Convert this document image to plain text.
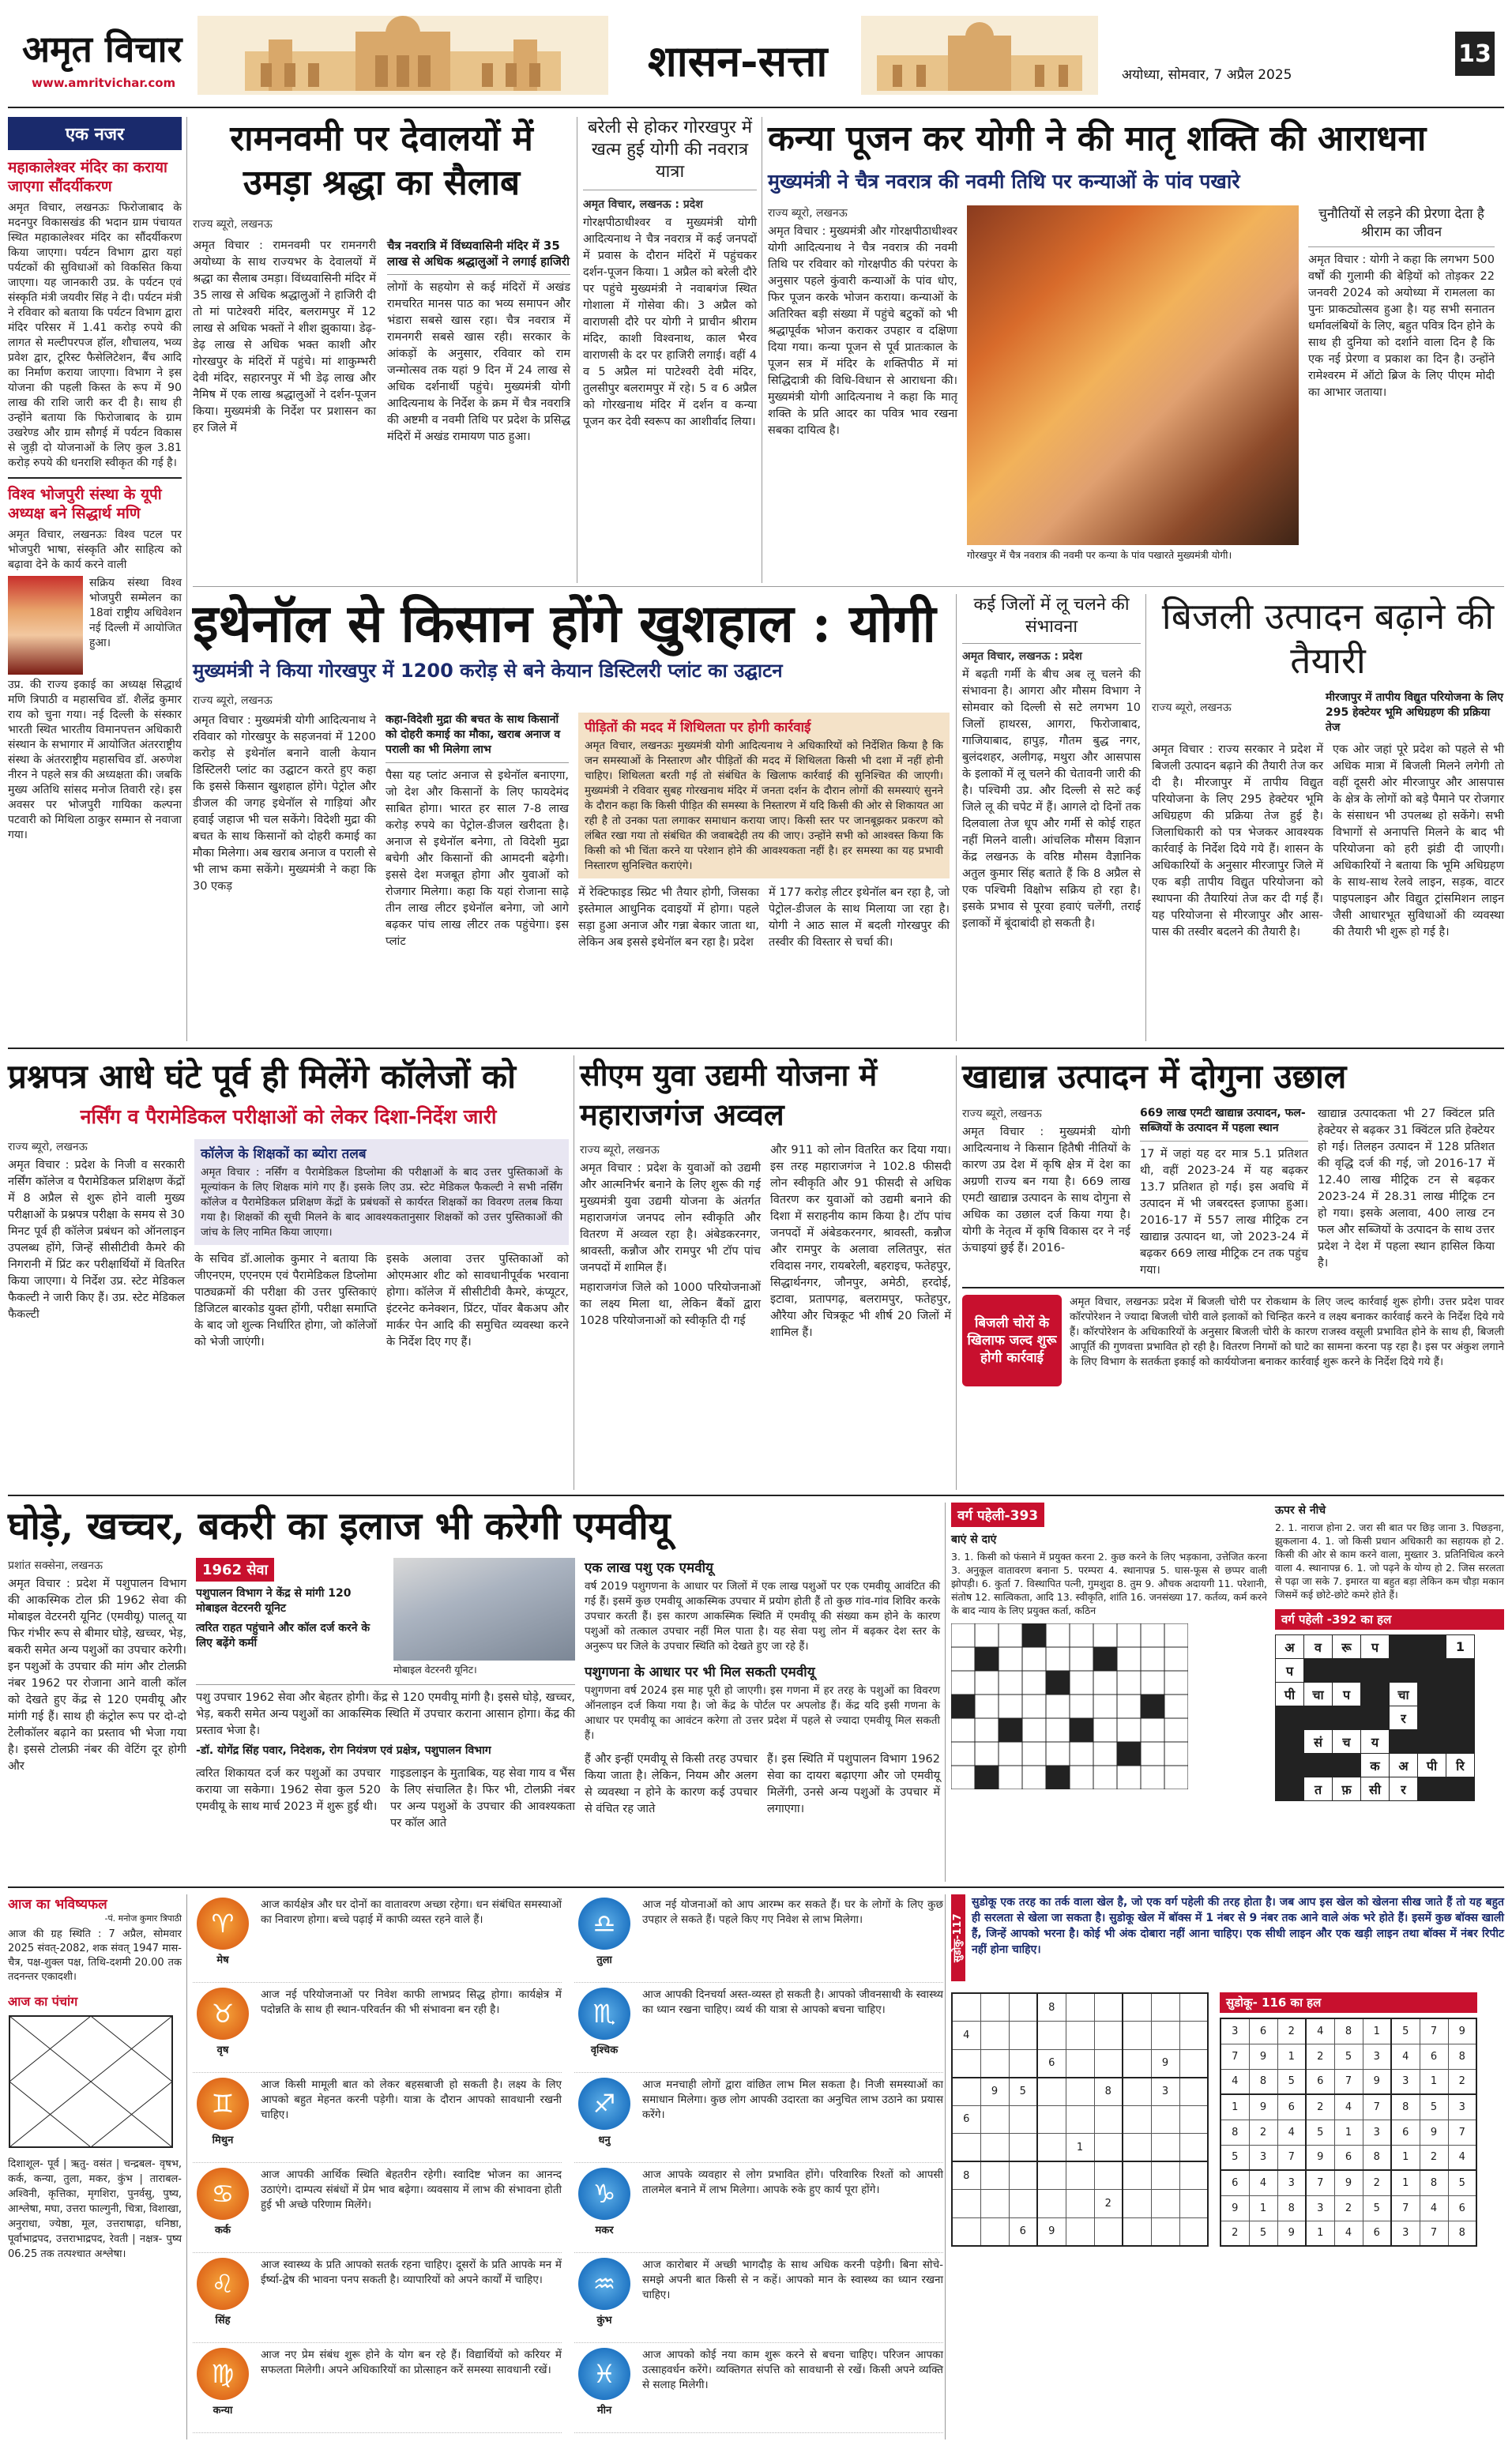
अमृत विचार
www.amritvichar.com	शासन-सत्ता	अयोध्या, सोमवार, 7 अप्रैल 2025
13
एक नजर
महाकालेश्वर मंदिर का कराया जाएगा सौंदर्यीकरण
अमृत विचार, लखनऊः फिरोजाबाद के मदनपुर विकासखंड की भदान ग्राम पंचायत स्थित महाकालेश्वर मंदिर का सौंदर्यीकरण किया जाएगा। पर्यटन विभाग द्वारा यहां पर्यटकों की सुविधाओं को विकसित किया जाएगा। यह जानकारी उप्र. के पर्यटन एवं संस्कृति मंत्री जयवीर सिंह ने दी। पर्यटन मंत्री ने रविवार को बताया कि पर्यटन विभाग द्वारा मंदिर परिसर में 1.41 करोड़ रुपये की लागत से मल्टीपरपज हॉल, शौचालय, भव्य प्रवेश द्वार, टूरिस्ट फैसेलिटेशन, बैंच आदि का निर्माण कराया जाएगा। विभाग ने इस योजना की पहली किस्त के रूप में 90 लाख की राशि जारी कर दी है। साथ ही उन्होंने बताया कि फिरोजाबाद के ग्राम उखरेण्ड और ग्राम सौगई में पर्यटन विकास से जुड़ी दो योजनाओं के लिए कुल 3.81 करोड़ रुपये की धनराशि स्वीकृत की गई है।
विश्व भोजपुरी संस्था के यूपी अध्यक्ष बने सिद्धार्थ मणि
अमृत विचार, लखनऊः विश्व पटल पर भोजपुरी भाषा, संस्कृति और साहित्य को बढ़ावा देने के कार्य करने वाली
सक्रिय संस्था विश्व भोजपुरी सम्मेलन का 18वां राष्ट्रीय अधिवेशन नई दिल्ली में आयोजित हुआ।
उप्र. की राज्य इकाई का अध्यक्ष सिद्धार्थ मणि त्रिपाठी व महासचिव डॉ. शैलेंद्र कुमार राय को चुना गया। नई दिल्ली के संस्कार भारती स्थित भारतीय विमानपत्तन अधिकारी संस्थान के सभागार में आयोजित अंतरराष्ट्रीय संस्था के अंतरराष्ट्रीय महासचिव डॉ. अरुणेश नीरन ने पहले सत्र की अध्यक्षता की। जबकि मुख्य अतिथि सांसद मनोज तिवारी रहे। इस अवसर पर भोजपुरी गायिका कल्पना पटवारी को मिथिला ठाकुर सम्मान से नवाजा गया।
रामनवमी पर देवालयों में उमड़ा श्रद्धा का सैलाब
राज्य ब्यूरो, लखनऊ
अमृत विचार : रामनवमी पर रामनगरी अयोध्या के साथ राज्यभर के देवालयों में श्रद्धा का सैलाब उमड़ा। विंध्यवासिनी मंदिर में 35 लाख से अधिक श्रद्धालुओं ने हाजिरी दी तो मां पाटेश्वरी मंदिर, बलरामपुर में 12 लाख से अधिक भक्तों ने शीश झुकाया। डेढ़-डेढ़ लाख से अधिक भक्त काशी और गोरखपुर के मंदिरों में पहुंचे। मां शाकुम्भरी देवी मंदिर, सहारनपुर में भी डेढ़ लाख और नैमिष में एक लाख श्रद्धालुओं ने दर्शन-पूजन किया। मुख्यमंत्री के निर्देश पर प्रशासन का हर जिले में
चैत्र नवरात्रि में विंध्यवासिनी मंदिर में 35 लाख से अधिक श्रद्धालुओं ने लगाई हाजिरी
लोगों के सहयोग से कई मंदिरों में अखंड रामचरित मानस पाठ का भव्य समापन और भंडारा सबसे खास रहा। चैत्र नवरात्र में रामनगरी सबसे खास रही। सरकार के आंकड़ों के अनुसार, रविवार को राम जन्मोत्सव तक यहां 9 दिन में 24 लाख से अधिक दर्शनार्थी पहुंचे। मुख्यमंत्री योगी आदित्यनाथ के निर्देश के क्रम में चैत्र नवरात्रि की अष्टमी व नवमी तिथि पर प्रदेश के प्रसिद्ध मंदिरों में अखंड रामायण पाठ हुआ।
बरेली से होकर गोरखपुर में खत्म हुई योगी की नवरात्र यात्रा
अमृत विचार, लखनऊ : प्रदेश
गोरक्षपीठाधीश्वर व मुख्यमंत्री योगी आदित्यनाथ ने चैत्र नवरात्र में कई जनपदों में प्रवास के दौरान मंदिरों में पहुंचकर दर्शन-पूजन किया। 1 अप्रैल को बरेली दौरे पर पहुंचे मुख्यमंत्री ने नवाबगंज स्थित गोशाला में गोसेवा की। 3 अप्रैल को वाराणसी दौरे पर योगी ने प्राचीन श्रीराम मंदिर, काशी विश्वनाथ, काल भैरव वाराणसी के दर पर हाजिरी लगाई। वहीं 4 व 5 अप्रैल मां पाटेश्वरी देवी मंदिर, तुलसीपुर बलरामपुर में रहे। 5 व 6 अप्रैल को गोरखनाथ मंदिर में दर्शन व कन्या पूजन कर देवी स्वरूप का आशीर्वाद लिया।
कन्या पूजन कर योगी ने की मातृ शक्ति की आराधना
मुख्यमंत्री ने चैत्र नवरात्र की नवमी तिथि पर कन्याओं के पांव पखारे
राज्य ब्यूरो, लखनऊ
अमृत विचार : मुख्यमंत्री और गोरक्षपीठाधीश्वर योगी आदित्यनाथ ने चैत्र नवरात्र की नवमी तिथि पर रविवार को गोरक्षपीठ की परंपरा के अनुसार पहले कुंवारी कन्याओं के पांव धोए, फिर पूजन करके भोजन कराया। कन्याओं के अतिरिक्त बड़ी संख्या में पहुंचे बटुकों को भी श्रद्धापूर्वक भोजन कराकर उपहार व दक्षिणा दिया गया। कन्या पूजन से पूर्व प्रातःकाल के पूजन सत्र में मंदिर के शक्तिपीठ में मां सिद्धिदात्री की विधि-विधान से आराधना की। मुख्यमंत्री योगी आदित्यनाथ ने कहा कि मातृ शक्ति के प्रति आदर का पवित्र भाव रखना सबका दायित्व है।
गोरखपुर में चैत्र नवरात्र की नवमी पर कन्या के पांव पखारते मुख्यमंत्री योगी।
चुनौतियों से लड़ने की प्रेरणा देता है श्रीराम का जीवन
अमृत विचार : योगी ने कहा कि लगभग 500 वर्षों की गुलामी की बेड़ियों को तोड़कर 22 जनवरी 2024 को अयोध्या में रामलला का पुनः प्राकट्योत्सव हुआ है। यह सभी सनातन धर्मावलंबियों के लिए, बहुत पवित्र दिन होने के साथ ही दुनिया को दर्शाने वाला दिन है कि एक नई प्रेरणा व प्रकाश का दिन है। उन्होंने रामेश्वरम में ऑटो ब्रिज के लिए पीएम मोदी का आभार जताया।
इथेनॉल से किसान होंगे खुशहाल : योगी
मुख्यमंत्री ने किया गोरखपुर में 1200 करोड़ से बने केयान डिस्टिलरी प्लांट का उद्घाटन
राज्य ब्यूरो, लखनऊ
अमृत विचार : मुख्यमंत्री योगी आदित्यनाथ ने रविवार को गोरखपुर के सहजनवां में 1200 करोड़ से इथेनॉल बनाने वाली केयान डिस्टिलरी प्लांट का उद्घाटन करते हुए कहा कि इससे किसान खुशहाल होंगे। पेट्रोल और डीजल की जगह इथेनॉल से गाड़ियां और हवाई जहाज भी चल सकेंगे। विदेशी मुद्रा की बचत के साथ किसानों को दोहरी कमाई का मौका मिलेगा। अब खराब अनाज व पराली से भी लाभ कमा सकेंगे। मुख्यमंत्री ने कहा कि 30 एकड़
कहा-विदेशी मुद्रा की बचत के साथ किसानों को दोहरी कमाई का मौका, खराब अनाज व पराली का भी मिलेगा लाभ
पैसा यह प्लांट अनाज से इथेनॉल बनाएगा, जो देश और किसानों के लिए फायदेमंद साबित होगा। भारत हर साल 7-8 लाख करोड़ रुपये का पेट्रोल-डीजल खरीदता है। अनाज से इथेनॉल बनेगा, तो विदेशी मुद्रा बचेगी और किसानों की आमदनी बढ़ेगी। इससे देश मजबूत होगा और युवाओं को रोजगार मिलेगा। कहा कि यहां रोजाना साढ़े तीन लाख लीटर इथेनॉल बनेगा, जो आगे बढ़कर पांच लाख लीटर तक पहुंचेगा। इस प्लांट
पीड़ितों की मदद में शिथिलता पर होगी कार्रवाई
अमृत विचार, लखनऊः मुख्यमंत्री योगी आदित्यनाथ ने अधिकारियों को निर्देशित किया है कि जन समस्याओं के निस्तारण और पीड़ितों की मदद में शिथिलता किसी भी दशा में नहीं होनी चाहिए। शिथिलता बरती गई तो संबंधित के खिलाफ कार्रवाई की सुनिश्चित की जाएगी। मुख्यमंत्री ने रविवार सुबह गोरखनाथ मंदिर में जनता दर्शन के दौरान लोगों की समस्याएं सुनने के दौरान कहा कि किसी पीड़ित की समस्या के निस्तारण में यदि किसी की ओर से शिकायत आ रही है तो उनका पता लगाकर समाधान कराया जाए। किसी स्तर पर जानबूझकर प्रकरण को लंबित रखा गया तो संबंधित की जवाबदेही तय की जाए। उन्होंने सभी को आश्वस्त किया कि किसी को भी चिंता करने या परेशान होने की आवश्यकता नहीं है। हर समस्या का यह प्रभावी निस्तारण सुनिश्चित कराएंगे।
में रेक्टिफाइड स्प्रिट भी तैयार होगी, जिसका इस्तेमाल आधुनिक दवाइयों में होगा। पहले सड़ा हुआ अनाज और गन्ना बेकार जाता था, लेकिन अब इससे इथेनॉल बन रहा है। प्रदेश
में 177 करोड़ लीटर इथेनॉल बन रहा है, जो पेट्रोल-डीजल के साथ मिलाया जा रहा है। योगी ने आठ साल में बदली गोरखपुर की तस्वीर की विस्तार से चर्चा की।
कई जिलों में लू चलने की संभावना
अमृत विचार, लखनऊ : प्रदेश
में बढ़ती गर्मी के बीच अब लू चलने की संभावना है। आगरा और मौसम विभाग ने सोमवार को दिल्ली से सटे लगभग 10 जिलों हाथरस, आगरा, फिरोजाबाद, गाजियाबाद, हापुड़, गौतम बुद्ध नगर, बुलंदशहर, अलीगढ़, मथुरा और आसपास के इलाकों में लू चलने की चेतावनी जारी की है। पश्चिमी उप्र. और दिल्ली से सटे कई जिले लू की चपेट में हैं। आगले दो दिनों तक दिलवाला तेज धूप और गर्मी से कोई राहत नहीं मिलने वाली। आंचलिक मौसम विज्ञान केंद्र लखनऊ के वरिष्ठ मौसम वैज्ञानिक अतुल कुमार सिंह बताते हैं कि 8 अप्रैल से एक पश्चिमी विक्षोभ सक्रिय हो रहा है। इसके प्रभाव से पूरवा हवाएं चलेंगी, तराई इलाकों में बूंदाबांदी हो सकती है।
बिजली उत्पादन बढ़ाने की तैयारी
राज्य ब्यूरो, लखनऊ
मीरजापुर में तापीय विद्युत परियोजना के लिए 295 हेक्टेयर भूमि अधिग्रहण की प्रक्रिया तेज
अमृत विचार : राज्य सरकार ने प्रदेश में बिजली उत्पादन बढ़ाने की तैयारी तेज कर दी है। मीरजापुर में तापीय विद्युत परियोजना के लिए 295 हेक्टेयर भूमि अधिग्रहण की प्रक्रिया तेज हुई है। जिलाधिकारी को पत्र भेजकर आवश्यक कार्रवाई के निर्देश दिये गये हैं। शासन के अधिकारियों के अनुसार मीरजापुर जिले में एक बड़ी तापीय विद्युत परियोजना को स्थापना की तैयारियां तेज कर दी गई हैं। यह परियोजना से मीरजापुर और आस-पास की तस्वीर बदलने की तैयारी है।
एक ओर जहां पूरे प्रदेश को पहले से भी अधिक मात्रा में बिजली मिलने लगेगी तो वहीं दूसरी ओर मीरजापुर और आसपास के क्षेत्र के लोगों को बड़े पैमाने पर रोजगार के संसाधन भी उपलब्ध हो सकेंगे। सभी विभागों से अनापत्ति मिलने के बाद भी परियोजना को हरी झंडी दी जाएगी। अधिकारियों ने बताया कि भूमि अधिग्रहण के साथ-साथ रेलवे लाइन, सड़क, वाटर पाइपलाइन और विद्युत ट्रांसमिशन लाइन जैसी आधारभूत सुविधाओं की व्यवस्था की तैयारी भी शुरू हो गई है।
प्रश्नपत्र आधे घंटे पूर्व ही मिलेंगे कॉलेजों को
नर्सिंग व पैरामेडिकल परीक्षाओं को लेकर दिशा-निर्देश जारी
राज्य ब्यूरो, लखनऊ
अमृत विचार : प्रदेश के निजी व सरकारी नर्सिंग कॉलेज व पैरामेडिकल प्रशिक्षण केंद्रों में 8 अप्रैल से शुरू होने वाली मुख्य परीक्षाओं के प्रश्नपत्र परीक्षा के समय से 30 मिनट पूर्व ही कॉलेज प्रबंधन को ऑनलाइन उपलब्ध होंगे, जिन्हें सीसीटीवी कैमरे की निगरानी में प्रिंट कर परीक्षार्थियों में वितरित किया जाएगा। ये निर्देश उप्र. स्टेट मेडिकल फैकल्टी ने जारी किए हैं। उप्र. स्टेट मेडिकल फैकल्टी
कॉलेज के शिक्षकों का ब्योरा तलब
अमृत विचार : नर्सिंग व पैरामेडिकल डिप्लोमा की परीक्षाओं के बाद उत्तर पुस्तिकाओं के मूल्यांकन के लिए शिक्षक मांगे गए हैं। इसके लिए उप्र. स्टेट मेडिकल फैकल्टी ने सभी नर्सिंग कॉलेज व पैरामेडिकल प्रशिक्षण केंद्रों के प्रबंधकों से कार्यरत शिक्षकों का विवरण तलब किया गया है। शिक्षकों की सूची मिलने के बाद आवश्यकतानुसार शिक्षकों को उत्तर पुस्तिकाओं की जांच के लिए नामित किया जाएगा।
के सचिव डॉ.आलोक कुमार ने बताया कि जीएनएम, एएनएम एवं पैरामेडिकल डिप्लोमा पाठ्यक्रमों की परीक्षा की उत्तर पुस्तिकाएं डिजिटल बारकोड युक्त होंगी, परीक्षा समाप्ति के बाद जो शुल्क निर्धारित होगा, जो कॉलेजों को भेजी जाएंगी।
इसके अलावा उत्तर पुस्तिकाओं को ओएमआर शीट को सावधानीपूर्वक भरवाना होगा। कॉलेज में सीसीटीवी कैमरे, कंप्यूटर, इंटरनेट कनेक्शन, प्रिंटर, पॉवर बैकअप और मार्कर पेन आदि की समुचित व्यवस्था करने के निर्देश दिए गए हैं।
सीएम युवा उद्यमी योजना में महाराजगंज अव्वल
राज्य ब्यूरो, लखनऊ
अमृत विचार : प्रदेश के युवाओं को उद्यमी और आत्मनिर्भर बनाने के लिए शुरू की गई मुख्यमंत्री युवा उद्यमी योजना के अंतर्गत महाराजगंज जनपद लोन स्वीकृति और वितरण में अव्वल रहा है। अंबेडकरनगर, श्रावस्ती, कन्नौज और रामपुर भी टॉप पांच जनपदों में शामिल हैं।
महाराजगंज जिले को 1000 परियोजनाओं का लक्ष्य मिला था, लेकिन बैंकों द्वारा 1028 परियोजनाओं को स्वीकृति दी गई
और 911 को लोन वितरित कर दिया गया। इस तरह महाराजगंज ने 102.8 फीसदी लोन स्वीकृति और 91 फीसदी से अधिक वितरण कर युवाओं को उद्यमी बनाने की दिशा में सराहनीय काम किया है। टॉप पांच जनपदों में अंबेडकरनगर, श्रावस्ती, कन्नौज और रामपुर के अलावा ललितपुर, संत रविदास नगर, रायबरेली, बहराइच, फतेहपुर, सिद्धार्थनगर, जौनपुर, अमेठी, हरदोई, इटावा, प्रतापगढ़, बलरामपुर, फतेहपुर, औरैया और चित्रकूट भी शीर्ष 20 जिलों में शामिल हैं।
खाद्यान्न उत्पादन में दोगुना उछाल
राज्य ब्यूरो, लखनऊ
अमृत विचार : मुख्यमंत्री योगी आदित्यनाथ ने किसान हितैषी नीतियों के कारण उप्र देश में कृषि क्षेत्र में देश का अग्रणी राज्य बन गया है। 669 लाख एमटी खाद्यान्न उत्पादन के साथ दोगुना से अधिक का उछाल दर्ज किया गया है। योगी के नेतृत्व में कृषि विकास दर ने नई ऊंचाइयां छुई हैं। 2016-
669 लाख एमटी खाद्यान्न उत्पादन, फल-सब्जियों के उत्पादन में पहला स्थान
17 में जहां यह दर मात्र 5.1 प्रतिशत थी, वहीं 2023-24 में यह बढ़कर 13.7 प्रतिशत हो गई। इस अवधि में उत्पादन में भी जबरदस्त इजाफा हुआ। 2016-17 में 557 लाख मीट्रिक टन खाद्यान्न उत्पादन था, जो 2023-24 में बढ़कर 669 लाख मीट्रिक टन तक पहुंच गया।
खाद्यान्न उत्पादकता भी 27 क्विंटल प्रति हेक्टेयर से बढ़कर 31 क्विंटल प्रति हेक्टेयर हो गई। तिलहन उत्पादन में 128 प्रतिशत की वृद्धि दर्ज की गई, जो 2016-17 में 12.40 लाख मीट्रिक टन से बढ़कर 2023-24 में 28.31 लाख मीट्रिक टन हो गया। इसके अलावा, 400 लाख टन फल और सब्जियों के उत्पादन के साथ उत्तर प्रदेश ने देश में पहला स्थान हासिल किया है।
बिजली चोरों के खिलाफ जल्द शुरू होगी कार्रवाई
अमृत विचार, लखनऊः प्रदेश में बिजली चोरी पर रोकथाम के लिए जल्द कार्रवाई शुरू होगी। उत्तर प्रदेश पावर कॉरपोरेशन ने ज्यादा बिजली चोरी वाले इलाकों को चिन्हित करने व लक्ष्य बनाकर कार्रवाई करने के निर्देश दिये गये हैं। कॉरपोरेशन के अधिकारियों के अनुसार बिजली चोरी के कारण राजस्व वसूली प्रभावित होने के साथ ही, बिजली आपूर्ति की गुणवत्ता प्रभावित हो रही है। वितरण निगमों को घाटे का सामना करना पड़ रहा है। इस पर अंकुश लगाने के लिए विभाग के सतर्कता इकाई को कार्ययोजना बनाकर कार्रवाई शुरू करने के निर्देश दिये गये हैं।
घोड़े, खच्चर, बकरी का इलाज भी करेगी एमवीयू
प्रशांत सक्सेना, लखनऊ
अमृत विचार : प्रदेश में पशुपालन विभाग की आकस्मिक टोल फ्री 1962 सेवा की मोबाइल वेटरनरी यूनिट (एमवीयू) पालतू या फिर गंभीर रूप से बीमार घोड़े, खच्चर, भेड़, बकरी समेत अन्य पशुओं का उपचार करेगी। इन पशुओं के उपचार की मांग और टोलफ्री नंबर 1962 पर रोजाना आने वाली कॉल को देखते हुए केंद्र से 120 एमवीयू और मांगी गई हैं। साथ ही कंट्रोल रूप पर दो-दो टेलीकॉलर बढ़ाने का प्रस्ताव भी भेजा गया है। इससे टोलफ्री नंबर की वेटिंग दूर होगी और
1962 सेवा
पशुपालन विभाग ने केंद्र से मांगी 120 मोबाइल वेटरनरी यूनिट
त्वरित राहत पहुंचाने और कॉल दर्ज करने के लिए बढ़ेंगे कर्मी
मोबाइल वेटरनरी यूनिट।
पशु उपचार 1962 सेवा और बेहतर होगी। केंद्र से 120 एमवीयू मांगी है। इससे घोड़े, खच्चर, भेड़, बकरी समेत अन्य पशुओं का आकस्मिक स्थिति में उपचार कराना आसान होगा। केंद्र की प्रस्ताव भेजा है।
-डॉ. योगेंद्र सिंह पवार, निदेशक, रोग नियंत्रण एवं प्रक्षेत्र, पशुपालन विभाग
त्वरित शिकायत दर्ज कर पशुओं का उपचार कराया जा सकेगा। 1962 सेवा कुल 520 एमवीयू के साथ मार्च 2023 में शुरू हुई थी।
गाइडलाइन के मुताबिक, यह सेवा गाय व भैंस के लिए संचालित है। फिर भी, टोलफ्री नंबर पर अन्य पशुओं के उपचार की आवश्यकता पर कॉल आते
एक लाख पशु एक एमवीयू
वर्ष 2019 पशुगणना के आधार पर जिलों में एक लाख पशुओं पर एक एमवीयू आवंटित की गई हैं। इसमें कुछ एमवीयू आकस्मिक उपचार में प्रयोग होती हैं तो कुछ गांव-गांव शिविर करके उपचार करती हैं। इस कारण आकस्मिक स्थिति में एमवीयू की संख्या कम होने के कारण पशुओं को तत्काल उपचार नहीं मिल पाता है। यह सेवा पशु लोन में बढ़कर देश स्तर के अनुरूप घर जिले के उपचार स्थिति को देखते हुए जा रहे हैं।
पशुगणना के आधार पर भी मिल सकती एमवीयू
पशुगणना वर्ष 2024 इस माह पूरी हो जाएगी। इस गणना में हर तरह के पशुओं का विवरण ऑनलाइन दर्ज किया गया है। जो केंद्र के पोर्टल पर अपलोड हैं। केंद्र यदि इसी गणना के आधार पर एमवीयू का आवंटन करेगा तो उत्तर प्रदेश में पहले से ज्यादा एमवीयू मिल सकती हैं।
हैं और इन्हीं एमवीयू से किसी तरह उपचार किया जाता है। लेकिन, नियम और अलग से व्यवस्था न होने के कारण कई उपचार से वंचित रह जाते
हैं। इस स्थिति में पशुपालन विभाग 1962 सेवा का दायरा बढ़ाएगा और जो एमवीयू मिलेंगी, उनसे अन्य पशुओं के उपचार में लगाएगा।
वर्ग पहेली-393
बाएं से दाएं
3. 1. किसी को फंसाने में प्रयुक्त करना 2. कुछ करने के लिए भड़काना, उत्तेजित करना 3. अनुकूल वातावरण बनाना 5. परम्परा 4. स्थानापन्न 5. घास-फूस से छप्पर वाली झोपड़ी। 6. कुर्ता 7. विस्थापित पत्नी, गुमशुदा 8. तुम 9. औचक अदायगी 11. परेशानी, संतोष 12. सात्विकता, आदि 13. स्वीकृति, शांति 16. जनसंख्या 17. कर्तव्य, कर्म करने के बाद न्याय के लिए प्रयुक्त कर्ता, कठिन
ऊपर से नीचे
2. 1. नाराज होना 2. जरा सी बात पर छिड़ जाना 3. पिछड़ना, झुकलाना 4. 1. जो किसी प्रधान अधिकारी का सहायक हो 2. किसी की ओर से काम करने वाला, मुख्तार 3. प्रतिनिधित्व करने वाला 4. स्थानापन्न 6. 1. जो पढ़ने के योग्य हो 2. जिस सरलता से पढ़ा जा सके 7. इमारत या बहुत बड़ा लेकिन कम चौड़ा मकान जिसमें कई छोटे-छोटे कमरे होते हैं।
वर्ग पहेली -392 का हल
अ	व	रू	प			1
प						
पी	चा	प		चा		
				र		
	सं	च	य			
			क	अ	पी	रि
	त	फ़	सी	र		
आज का भविष्यफल
-पं. मनोज कुमार त्रिपाठी
आज की ग्रह स्थिति : 7 अप्रैल, सोमवार 2025 संवत्-2082, शक संवत् 1947 मास-चैत्र, पक्ष-शुक्ल पक्ष, तिथि-दशमी 20.00 तक तदनन्तर एकादशी।
आज का पंचांग
दिशाशूल- पूर्व | ऋतु- वसंत | चन्द्रबल- वृषभ, कर्क, कन्या, तुला, मकर, कुंभ | ताराबल- अश्विनी, कृत्तिका, मृगशिरा, पुनर्वसु, पुष्य, आश्लेषा, मघा, उत्तरा फाल्गुनी, चित्रा, विशाखा, अनुराधा, ज्येष्ठा, मूल, उत्तराषाढ़ा, धनिष्ठा, पूर्वाभाद्रपद, उत्तराभाद्रपद, रेवती | नक्षत्र- पुष्य 06.25 तक तत्पश्चात अश्लेषा।
♈
मेष
आज कार्यक्षेत्र और घर दोनों का वातावरण अच्छा रहेगा। धन संबंधित समस्याओं का निवारण होगा। बच्चे पढ़ाई में काफी व्यस्त रहने वाले हैं।
♉
वृष
आज नई परियोजनाओं पर निवेश काफी लाभप्रद सिद्ध होगा। कार्यक्षेत्र में पदोन्नति के साथ ही स्थान-परिवर्तन की भी संभावना बन रही है।
♊
मिथुन
आज किसी मामूली बात को लेकर बहसबाजी हो सकती है। लक्ष्य के लिए आपको बहुत मेहनत करनी पड़ेगी। यात्रा के दौरान आपको सावधानी रखनी चाहिए।
♋
कर्क
आज आपकी आर्थिक स्थिति बेहतरीन रहेगी। स्वादिष्ट भोजन का आनन्द उठाएंगे। दाम्पत्य संबंधों में प्रेम भाव बढ़ेगा। व्यवसाय में लाभ की संभावना होती हुई भी अच्छे परिणाम मिलेंगे।
♌
सिंह
आज स्वास्थ्य के प्रति आपको सतर्क रहना चाहिए। दूसरों के प्रति आपके मन में ईर्ष्या-द्वेष की भावना पनप सकती है। व्यापारियों को अपने कार्यों में चाहिए।
♍
कन्या
आज नए प्रेम संबंध शुरू होने के योग बन रहे हैं। विद्यार्थियों को करियर में सफलता मिलेगी। अपने अधिकारियों का प्रोत्साहन करें समस्या सावधानी रखें।
♎
तुला
आज नई योजनाओं को आप आरम्भ कर सकते हैं। घर के लोगों के लिए कुछ उपहार ले सकते हैं। पहले किए गए निवेश से लाभ मिलेगा।
♏
वृश्चिक
आज आपकी दिनचर्या अस्त-व्यस्त हो सकती है। आपको जीवनसाथी के स्वास्थ्य का ध्यान रखना चाहिए। व्यर्थ की यात्रा से आपको बचना चाहिए।
♐
धनु
आज मनचाही लोगों द्वारा वांछित लाभ मिल सकता है। निजी समस्याओं का समाधान मिलेगा। कुछ लोग आपकी उदारता का अनुचित लाभ उठाने का प्रयास करेंगे।
♑
मकर
आज आपके व्यवहार से लोग प्रभावित होंगे। परिवारिक रिश्तों को आपसी तालमेल बनाने में लाभ मिलेगा। आपके रुके हुए कार्य पूरा होंगे।
♒
कुंभ
आज कारोबार में अच्छी भागदौड़ के साथ अधिक करनी पड़ेगी। बिना सोचे-समझे अपनी बात किसी से न कहें। आपको मान के स्वास्थ्य का ध्यान रखना चाहिए।
♓
मीन
आज आपको कोई नया काम शुरू करने से बचना चाहिए। परिजन आपका उत्साहवर्धन करेंगे। व्यक्तिगत संपत्ति को सावधानी से रखें। किसी अपने व्यक्ति से सलाह मिलेगी।
सुडोकु-117
सुडोकू एक तरह का तर्क वाला खेल है, जो एक वर्ग पहेली की तरह होता है। जब आप इस खेल को खेलना सीख जाते हैं तो यह बहुत ही सरलता से खेला जा सकता है। सुडोकू खेल में बॉक्स में 1 नंबर से 9 नंबर तक आने वाले अंक भरे होते हैं। इसमें कुछ बॉक्स खाली हैं, जिन्हें आपको भरना है। कोई भी अंक दोबारा नहीं आना चाहिए। एक सीधी लाइन और एक खड़ी लाइन तथा बॉक्स में नंबर रिपीट नहीं होना चाहिए।
			8					
4								
			6				9	
	9	5			8		3	
6								
				1				
8								
					2			
		6	9					
सुडोकू- 116 का हल
3	6	2	4	8	1	5	7	9
7	9	1	2	5	3	4	6	8
4	8	5	6	7	9	3	1	2
1	9	6	2	4	7	8	5	3
8	2	4	5	1	3	6	9	7
5	3	7	9	6	8	1	2	4
6	4	3	7	9	2	1	8	5
9	1	8	3	2	5	7	4	6
2	5	9	1	4	6	3	7	8
